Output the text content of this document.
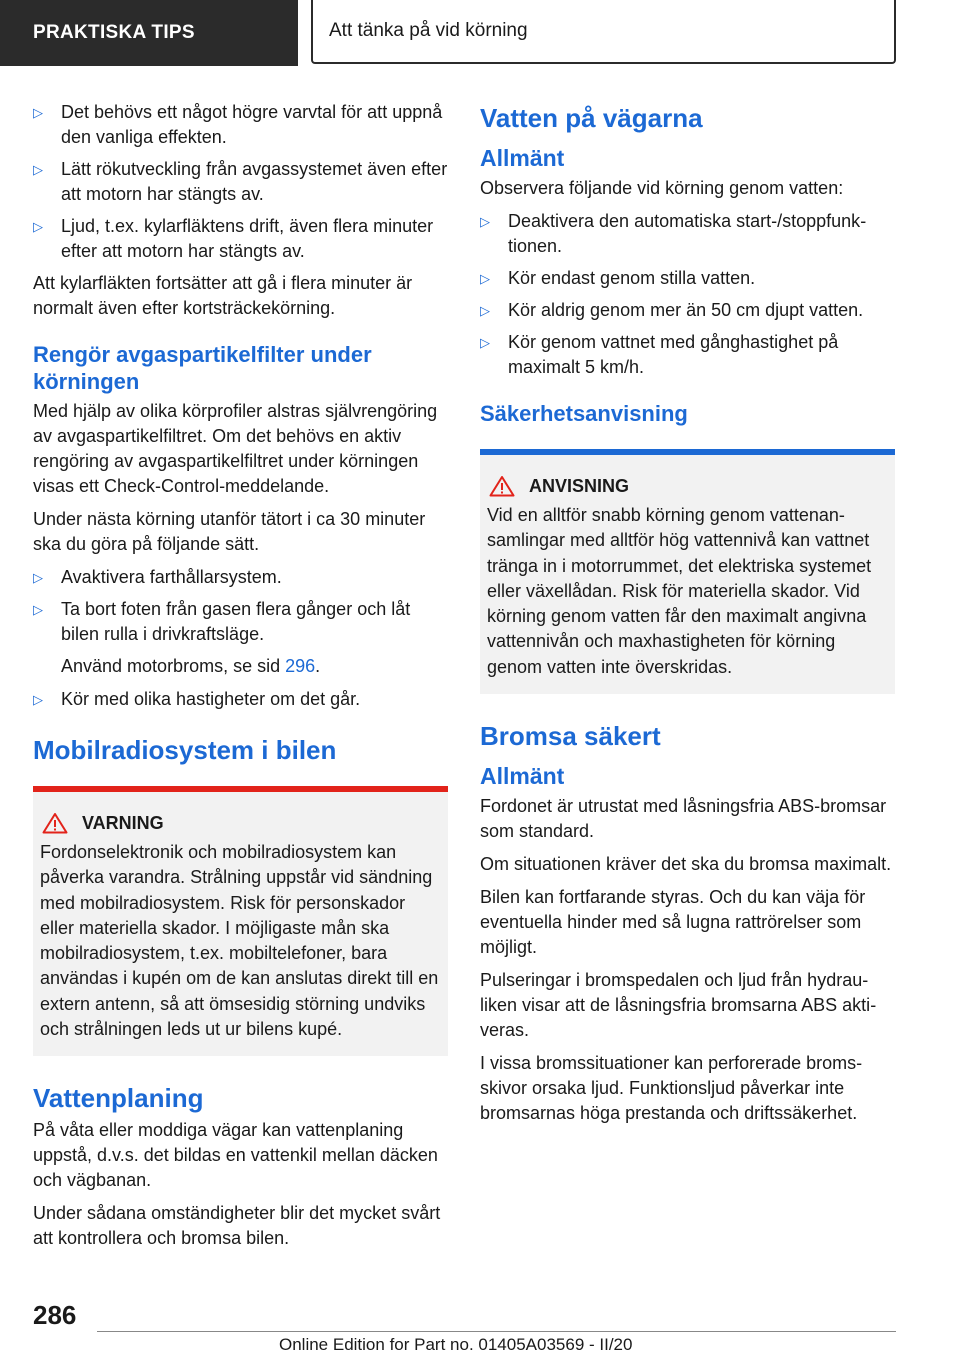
PRAKTISKA TIPS	Att tänka på vid körning
▷	Det behövs ett något högre varvtal för att uppnå den vanliga effekten.
▷	Lätt rökutveckling från avgassystemet även efter att motorn har stängts av.
▷	Ljud, t.ex. kylarfläktens drift, även flera minuter efter att motorn har stängts av.

Att kylarfläkten fortsätter att gå i flera minuter är normalt även efter kortsträckekörning.

Rengör avgaspartikelfilter under körningen

Med hjälp av olika körprofiler alstras självrengöring av avgaspartikelfiltret. Om det behövs en aktiv rengöring av avgaspartikelfiltret under körningen visas ett Check-Control-meddelande.

Under nästa körning utanför tätort i ca 30 minuter ska du göra på följande sätt.

▷	Avaktivera farthållarsystem.
▷	Ta bort foten från gasen flera gånger och låt bilen rulla i drivkraftsläge.
Använd motorbroms, se sid 296.
▷	Kör med olika hastigheter om det går.
Mobilradiosystem i bilen
VARNING

Fordonselektronik och mobilradiosystem kan påverka varandra. Strålning uppstår vid sändning med mobilradiosystem. Risk för personskador eller materiella skador. I möjligaste mån ska mobilradiosystem, t.ex. mobiltelefoner, bara användas i kupén om de kan anslutas direkt till en extern antenn, så att ömsesidig störning undviks och strålningen leds ut ur bilens kupé.

Vattenplaning

På våta eller moddiga vägar kan vattenplaning uppstå, d.v.s. det bildas en vattenkil mellan däcken och vägbanan.

Under sådana omständigheter blir det mycket svårt att kontrollera och bromsa bilen.

Vatten på vägarna
Allmänt

Observera följande vid körning genom vatten:

▷	Deaktivera den automatiska start-/stoppfunktionen.
▷	Kör endast genom stilla vatten.
▷	Kör aldrig genom mer än 50 cm djupt vatten.
▷	Kör genom vattnet med gånghastighet på maximalt 5 km/h.
Säkerhetsanvisning
ANVISNING

Vid en alltför snabb körning genom vattenansamlingar med alltför hög vattennivå kan vattnet tränga in i motorrummet, det elektriska systemet eller växellådan. Risk för materiella skador. Vid körning genom vatten får den maximalt angivna vattennivån och maxhastigheten för körning genom vatten inte överskridas.

Bromsa säkert
Allmänt

Fordonet är utrustat med låsningsfria ABS-bromsar som standard.

Om situationen kräver det ska du bromsa maximalt.

Bilen kan fortfarande styras. Och du kan väja för eventuella hinder med så lugna rattrörelser som möjligt.

Pulseringar i bromspedalen och ljud från hydrauliken visar att de låsningsfria bromsarna ABS aktiveras.

I vissa bromssituationer kan perforerade bromsskivor orsaka ljud. Funktionsljud påverkar inte bromsarnas höga prestanda och driftssäkerhet.

286
Online Edition for Part no. 01405A03569 - II/20
